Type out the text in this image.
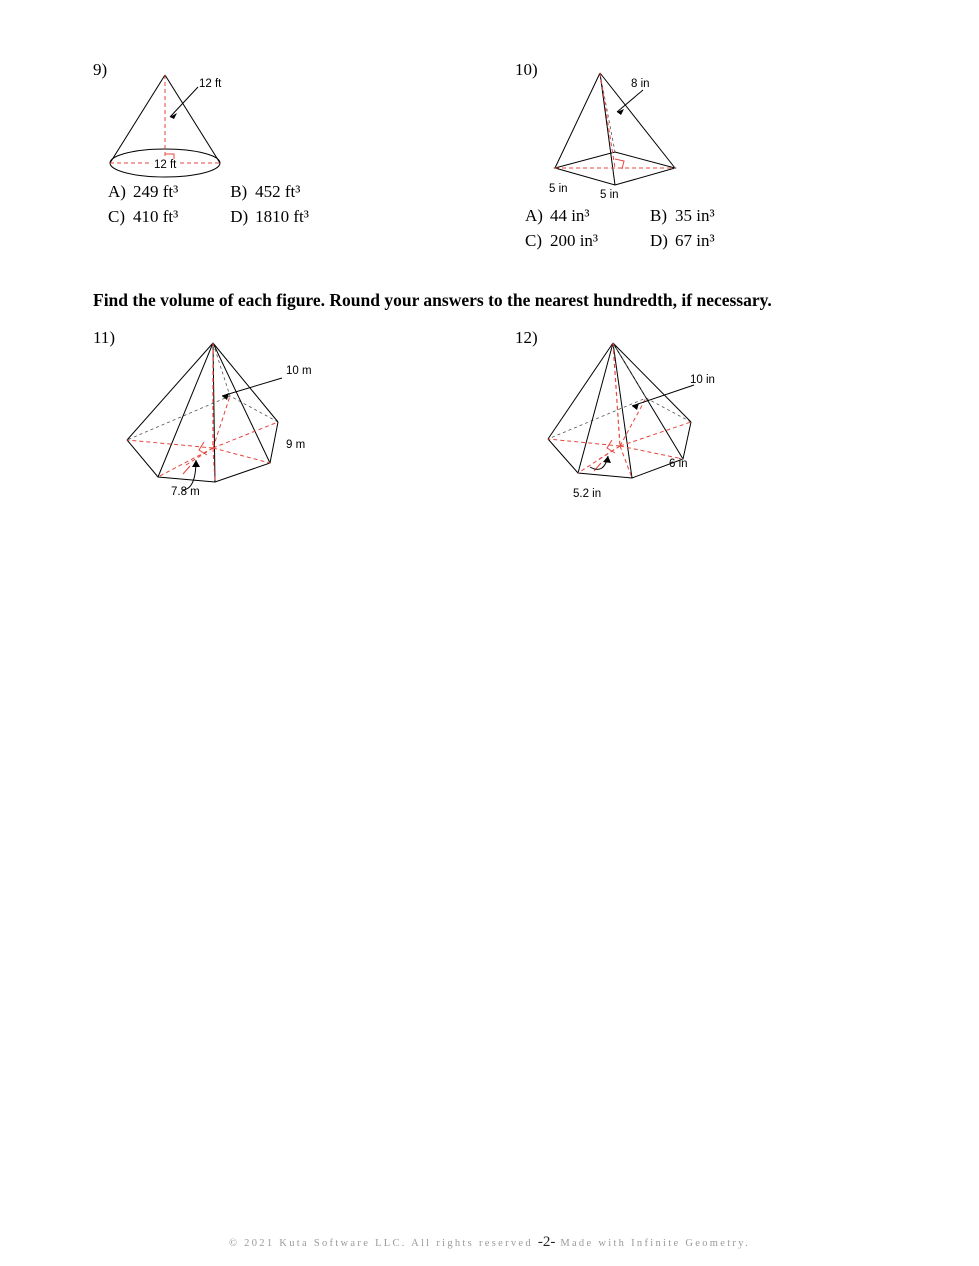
9)
12 ft
12 ft
A)	249 ft³		B)	452 ft³
C)	410 ft³		D)	1810 ft³
10)
8 in
5 in	5 in
A)	44 in³		B)	35 in³
C)	200 in³		D)	67 in³
Find the volume of each figure. Round your answers to the nearest hundredth, if necessary.
11)
10 m
9 m
7.8 m
12)
10 in
6 in
5.2 in
© 2021 Kuta Software LLC. All rights reserved -2- Made with Infinite Geometry.
